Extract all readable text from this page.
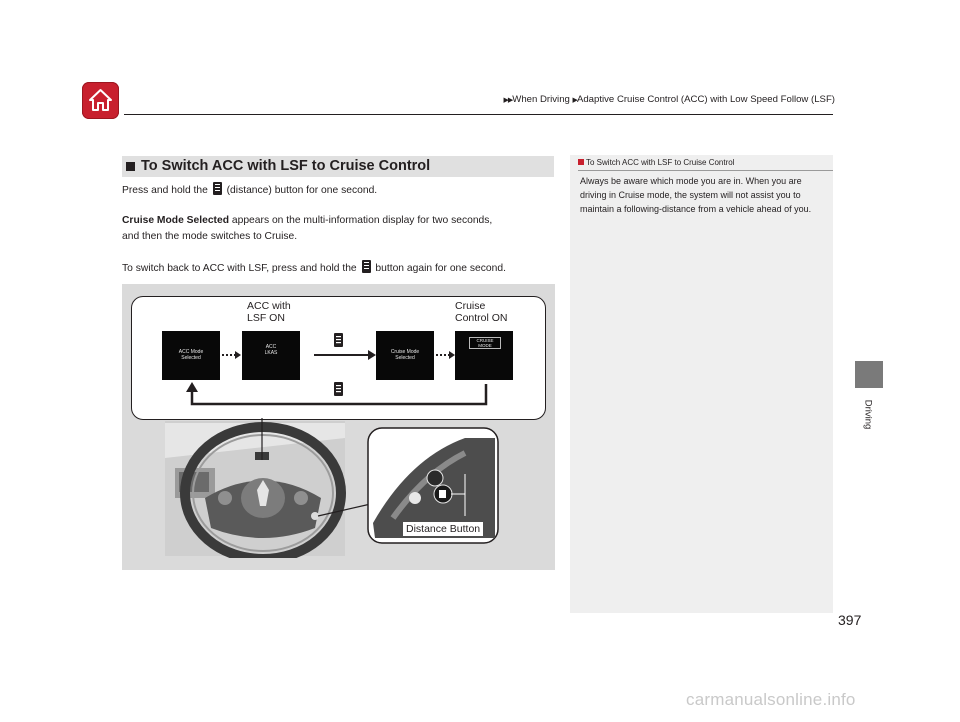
▶▶When Driving ▶Adaptive Cruise Control (ACC) with Low Speed Follow (LSF)
Driving
To Switch ACC with LSF to Cruise Control
Press and hold the (distance) button for one second.
Cruise Mode Selected appears on the multi-information display for two seconds,
and then the mode switches to Cruise.
To switch back to ACC with LSF, press and hold the button again for one second.
ACC with
LSF ON
Cruise
Control ON
ACC Mode
Selected
ACC
LKAS	Cruise Mode
Selected
CRUISE
MODE
Distance Button
To Switch ACC with LSF to Cruise Control
Always be aware which mode you are in. When you are driving in Cruise mode, the system will not assist you to maintain a following-distance from a vehicle ahead of you.
397
carmanualsonline.info
